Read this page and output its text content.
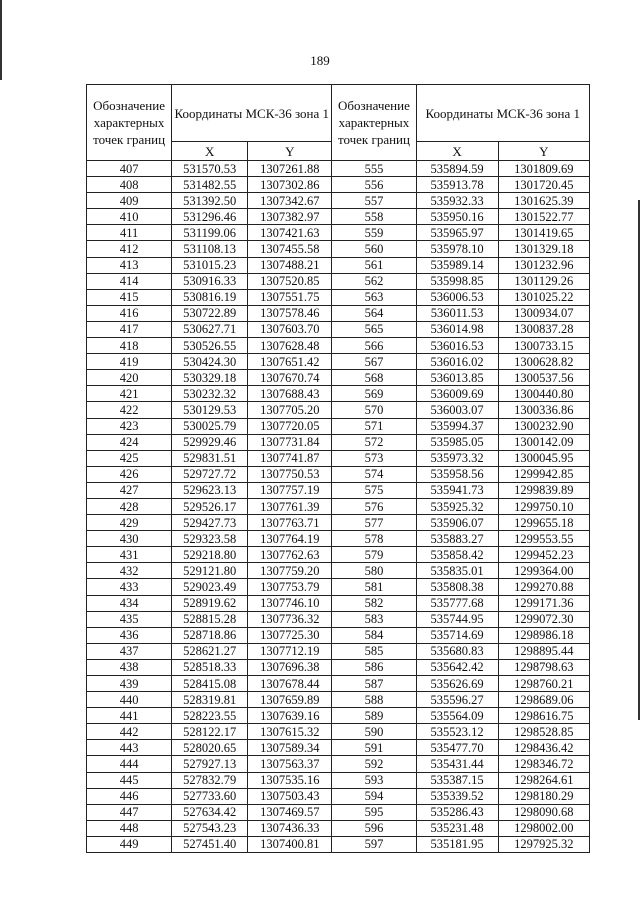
189
Обозначение характерных точек границ	Координаты МСК-36 зона 1		Обозначение характерных точек границ	Координаты МСК-36 зона 1	
	X	Y		X	Y
407	531570.53	1307261.88	555	535894.59	1301809.69
408	531482.55	1307302.86	556	535913.78	1301720.45
409	531392.50	1307342.67	557	535932.33	1301625.39
410	531296.46	1307382.97	558	535950.16	1301522.77
411	531199.06	1307421.63	559	535965.97	1301419.65
412	531108.13	1307455.58	560	535978.10	1301329.18
413	531015.23	1307488.21	561	535989.14	1301232.96
414	530916.33	1307520.85	562	535998.85	1301129.26
415	530816.19	1307551.75	563	536006.53	1301025.22
416	530722.89	1307578.46	564	536011.53	1300934.07
417	530627.71	1307603.70	565	536014.98	1300837.28
418	530526.55	1307628.48	566	536016.53	1300733.15
419	530424.30	1307651.42	567	536016.02	1300628.82
420	530329.18	1307670.74	568	536013.85	1300537.56
421	530232.32	1307688.43	569	536009.69	1300440.80
422	530129.53	1307705.20	570	536003.07	1300336.86
423	530025.79	1307720.05	571	535994.37	1300232.90
424	529929.46	1307731.84	572	535985.05	1300142.09
425	529831.51	1307741.87	573	535973.32	1300045.95
426	529727.72	1307750.53	574	535958.56	1299942.85
427	529623.13	1307757.19	575	535941.73	1299839.89
428	529526.17	1307761.39	576	535925.32	1299750.10
429	529427.73	1307763.71	577	535906.07	1299655.18
430	529323.58	1307764.19	578	535883.27	1299553.55
431	529218.80	1307762.63	579	535858.42	1299452.23
432	529121.80	1307759.20	580	535835.01	1299364.00
433	529023.49	1307753.79	581	535808.38	1299270.88
434	528919.62	1307746.10	582	535777.68	1299171.36
435	528815.28	1307736.32	583	535744.95	1299072.30
436	528718.86	1307725.30	584	535714.69	1298986.18
437	528621.27	1307712.19	585	535680.83	1298895.44
438	528518.33	1307696.38	586	535642.42	1298798.63
439	528415.08	1307678.44	587	535626.69	1298760.21
440	528319.81	1307659.89	588	535596.27	1298689.06
441	528223.55	1307639.16	589	535564.09	1298616.75
442	528122.17	1307615.32	590	535523.12	1298528.85
443	528020.65	1307589.34	591	535477.70	1298436.42
444	527927.13	1307563.37	592	535431.44	1298346.72
445	527832.79	1307535.16	593	535387.15	1298264.61
446	527733.60	1307503.43	594	535339.52	1298180.29
447	527634.42	1307469.57	595	535286.43	1298090.68
448	527543.23	1307436.33	596	535231.48	1298002.00
449	527451.40	1307400.81	597	535181.95	1297925.32
